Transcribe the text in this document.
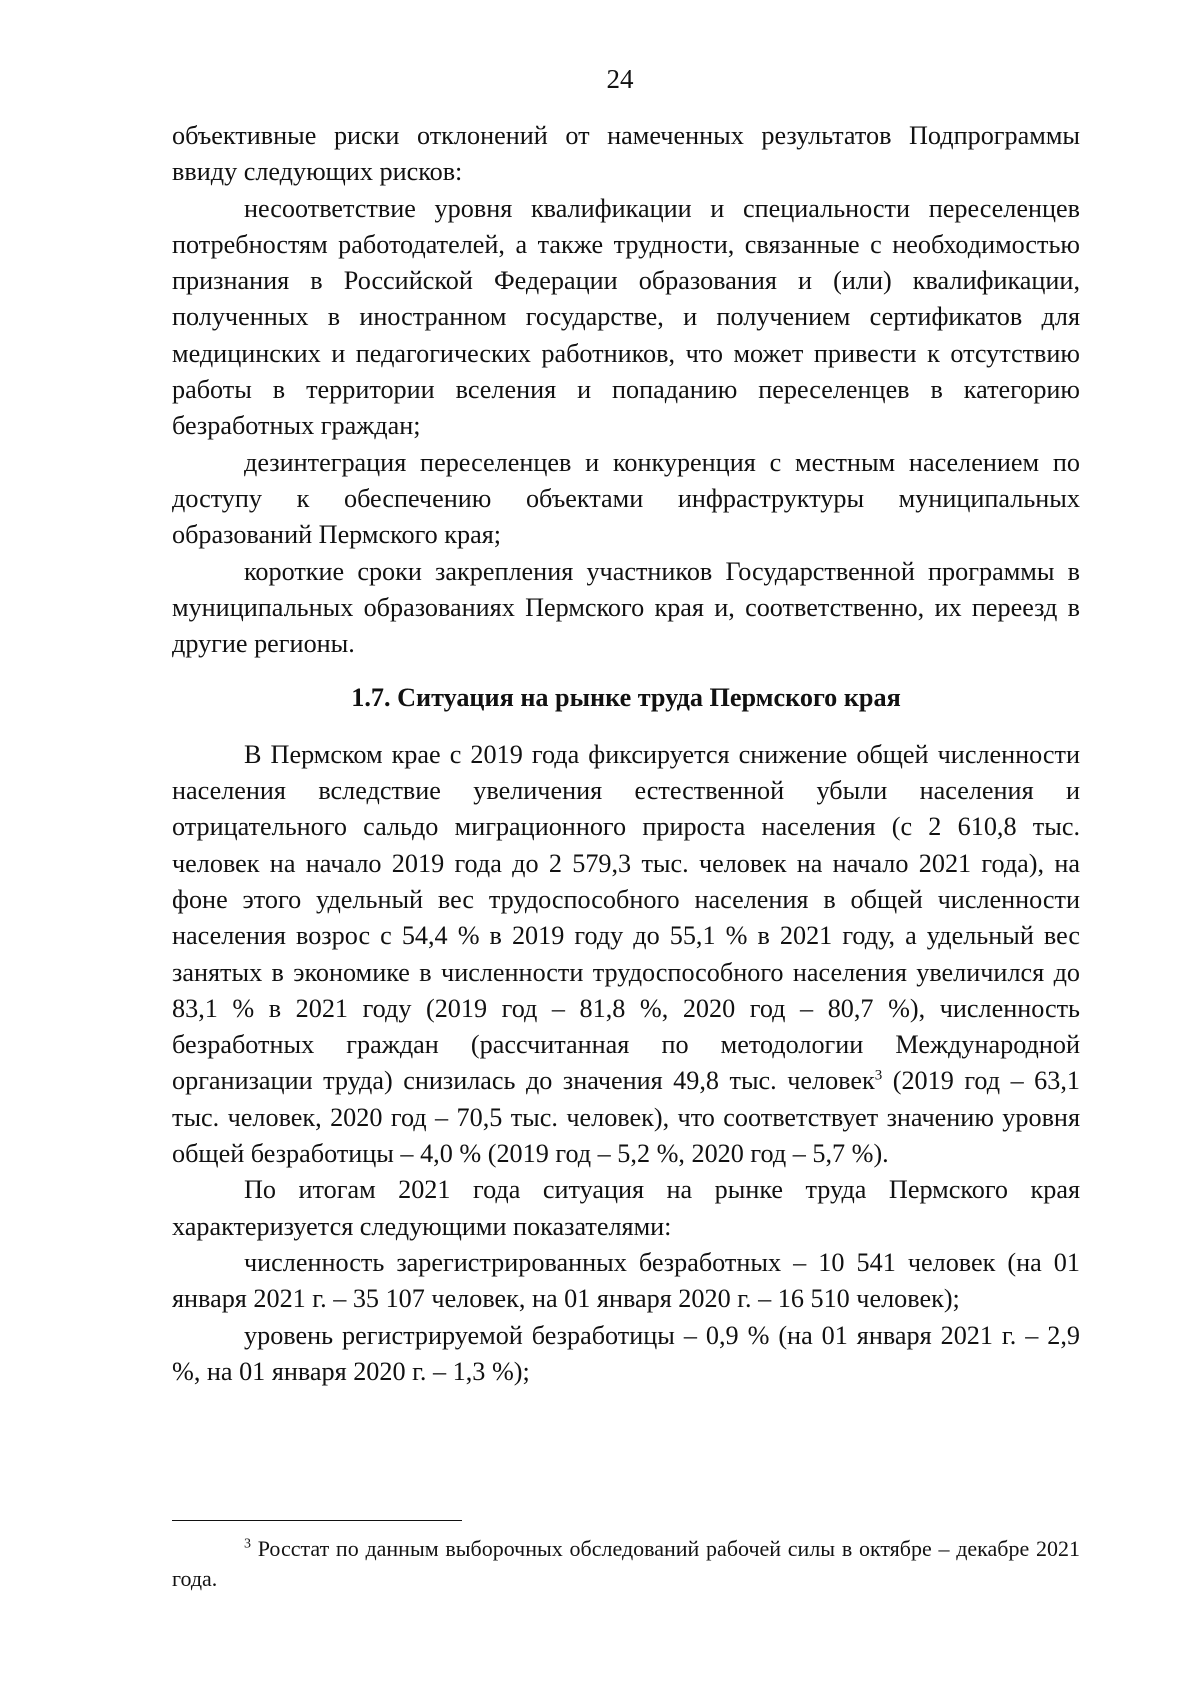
24

объективные риски отклонений от намеченных результатов Подпрограммы ввиду следующих рисков:

несоответствие уровня квалификации и специальности переселенцев потребностям работодателей, а также трудности, связанные с необходимостью признания в Российской Федерации образования и (или) квалификации, полученных в иностранном государстве, и получением сертификатов для медицинских и педагогических работников, что может привести к отсутствию работы в территории вселения и попаданию переселенцев в категорию безработных граждан;

дезинтеграция переселенцев и конкуренция с местным населением по доступу к обеспечению объектами инфраструктуры муниципальных образований Пермского края;

короткие сроки закрепления участников Государственной программы в муниципальных образованиях Пермского края и, соответственно, их переезд в другие регионы.

1.7. Ситуация на рынке труда Пермского края

В Пермском крае с 2019 года фиксируется снижение общей численности населения вследствие увеличения естественной убыли населения и отрицательного сальдо миграционного прироста населения (с 2 610,8 тыс. человек на начало 2019 года до 2 579,3 тыс. человек на начало 2021 года), на фоне этого удельный вес трудоспособного населения в общей численности населения возрос с 54,4 % в 2019 году до 55,1 % в 2021 году, а удельный вес занятых в экономике в численности трудоспособного населения увеличился до 83,1 % в 2021 году (2019 год – 81,8 %, 2020 год – 80,7 %), численность безработных граждан (рассчитанная по методологии Международной организации труда) снизилась до значения 49,8 тыс. человек$^3$ (2019 год – 63,1 тыс. человек, 2020 год – 70,5 тыс. человек), что соответствует значению уровня общей безработицы – 4,0 % (2019 год – 5,2 %, 2020 год – 5,7 %).

По итогам 2021 года ситуация на рынке труда Пермского края характеризуется следующими показателями:

численность зарегистрированных безработных – 10 541 человек (на 01 января 2021 г. – 35 107 человек, на 01 января 2020 г. – 16 510 человек);

уровень регистрируемой безработицы – 0,9 % (на 01 января 2021 г. – 2,9 %, на 01 января 2020 г. – 1,3 %);

$^3$ Росстат по данным выборочных обследований рабочей силы в октябре – декабре 2021 года.
